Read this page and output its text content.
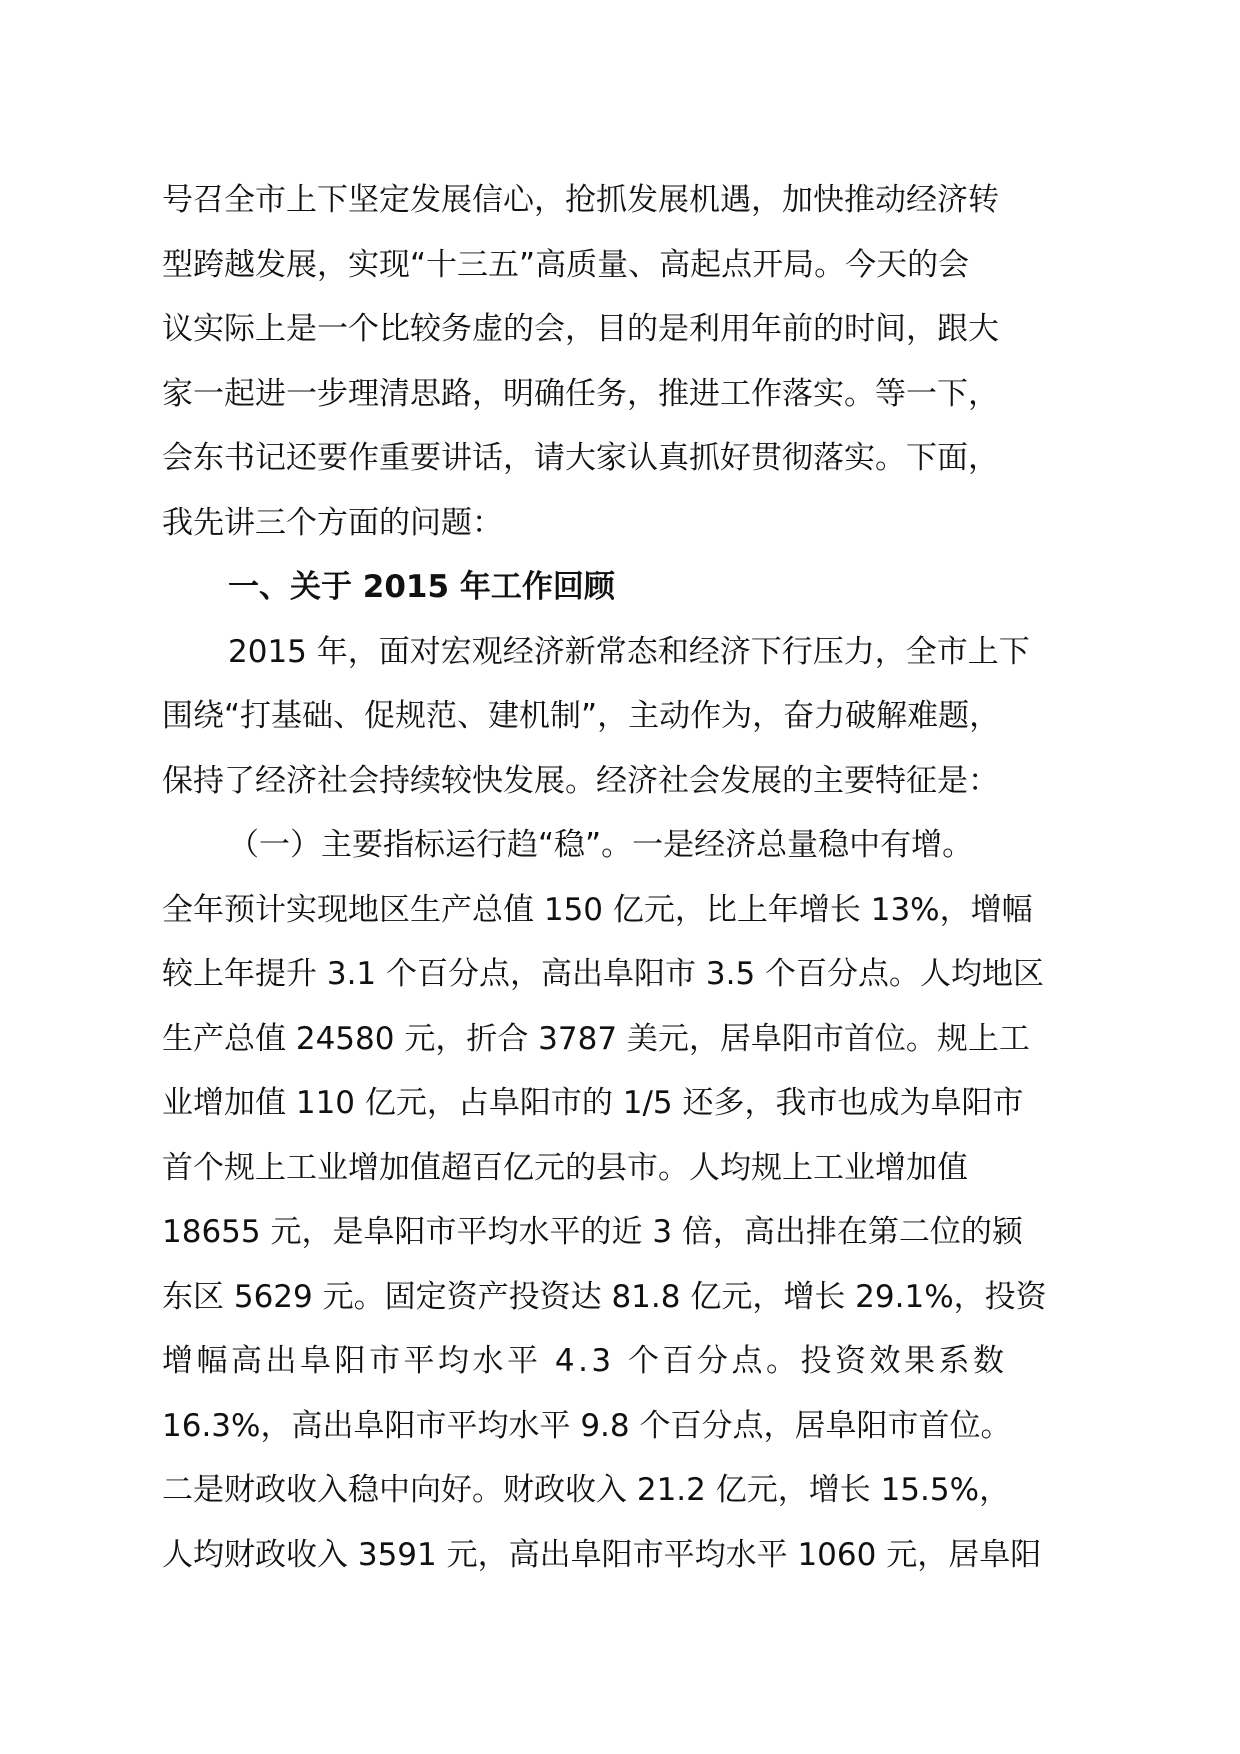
号召全市上下坚定发展信心，抢抓发展机遇，加快推动经济转
型跨越发展，实现“十三五”高质量、高起点开局。今天的会
议实际上是一个比较务虚的会，目的是利用年前的时间，跟大
家一起进一步理清思路，明确任务，推进工作落实。等一下，
会东书记还要作重要讲话，请大家认真抓好贯彻落实。下面，
我先讲三个方面的问题：
一、关于 2015 年工作回顾
2015 年，面对宏观经济新常态和经济下行压力，全市上下
围绕“打基础、促规范、建机制”，主动作为，奋力破解难题，
保持了经济社会持续较快发展。经济社会发展的主要特征是：
（一）主要指标运行趋“稳”。一是经济总量稳中有增。
全年预计实现地区生产总值 150 亿元，比上年增长 13%，增幅
较上年提升 3.1 个百分点，高出阜阳市 3.5 个百分点。人均地区
生产总值 24580 元，折合 3787 美元，居阜阳市首位。规上工
业增加值 110 亿元，占阜阳市的 1/5 还多，我市也成为阜阳市
首个规上工业增加值超百亿元的县市。人均规上工业增加值
18655 元，是阜阳市平均水平的近 3 倍，高出排在第二位的颍
东区 5629 元。固定资产投资达 81.8 亿元，增长 29.1%，投资
增幅高出阜阳市平均水平 4.3 个百分点。投资效果系数
16.3%，高出阜阳市平均水平 9.8 个百分点，居阜阳市首位。
二是财政收入稳中向好。财政收入 21.2 亿元，增长 15.5%，
人均财政收入 3591 元，高出阜阳市平均水平 1060 元，居阜阳
